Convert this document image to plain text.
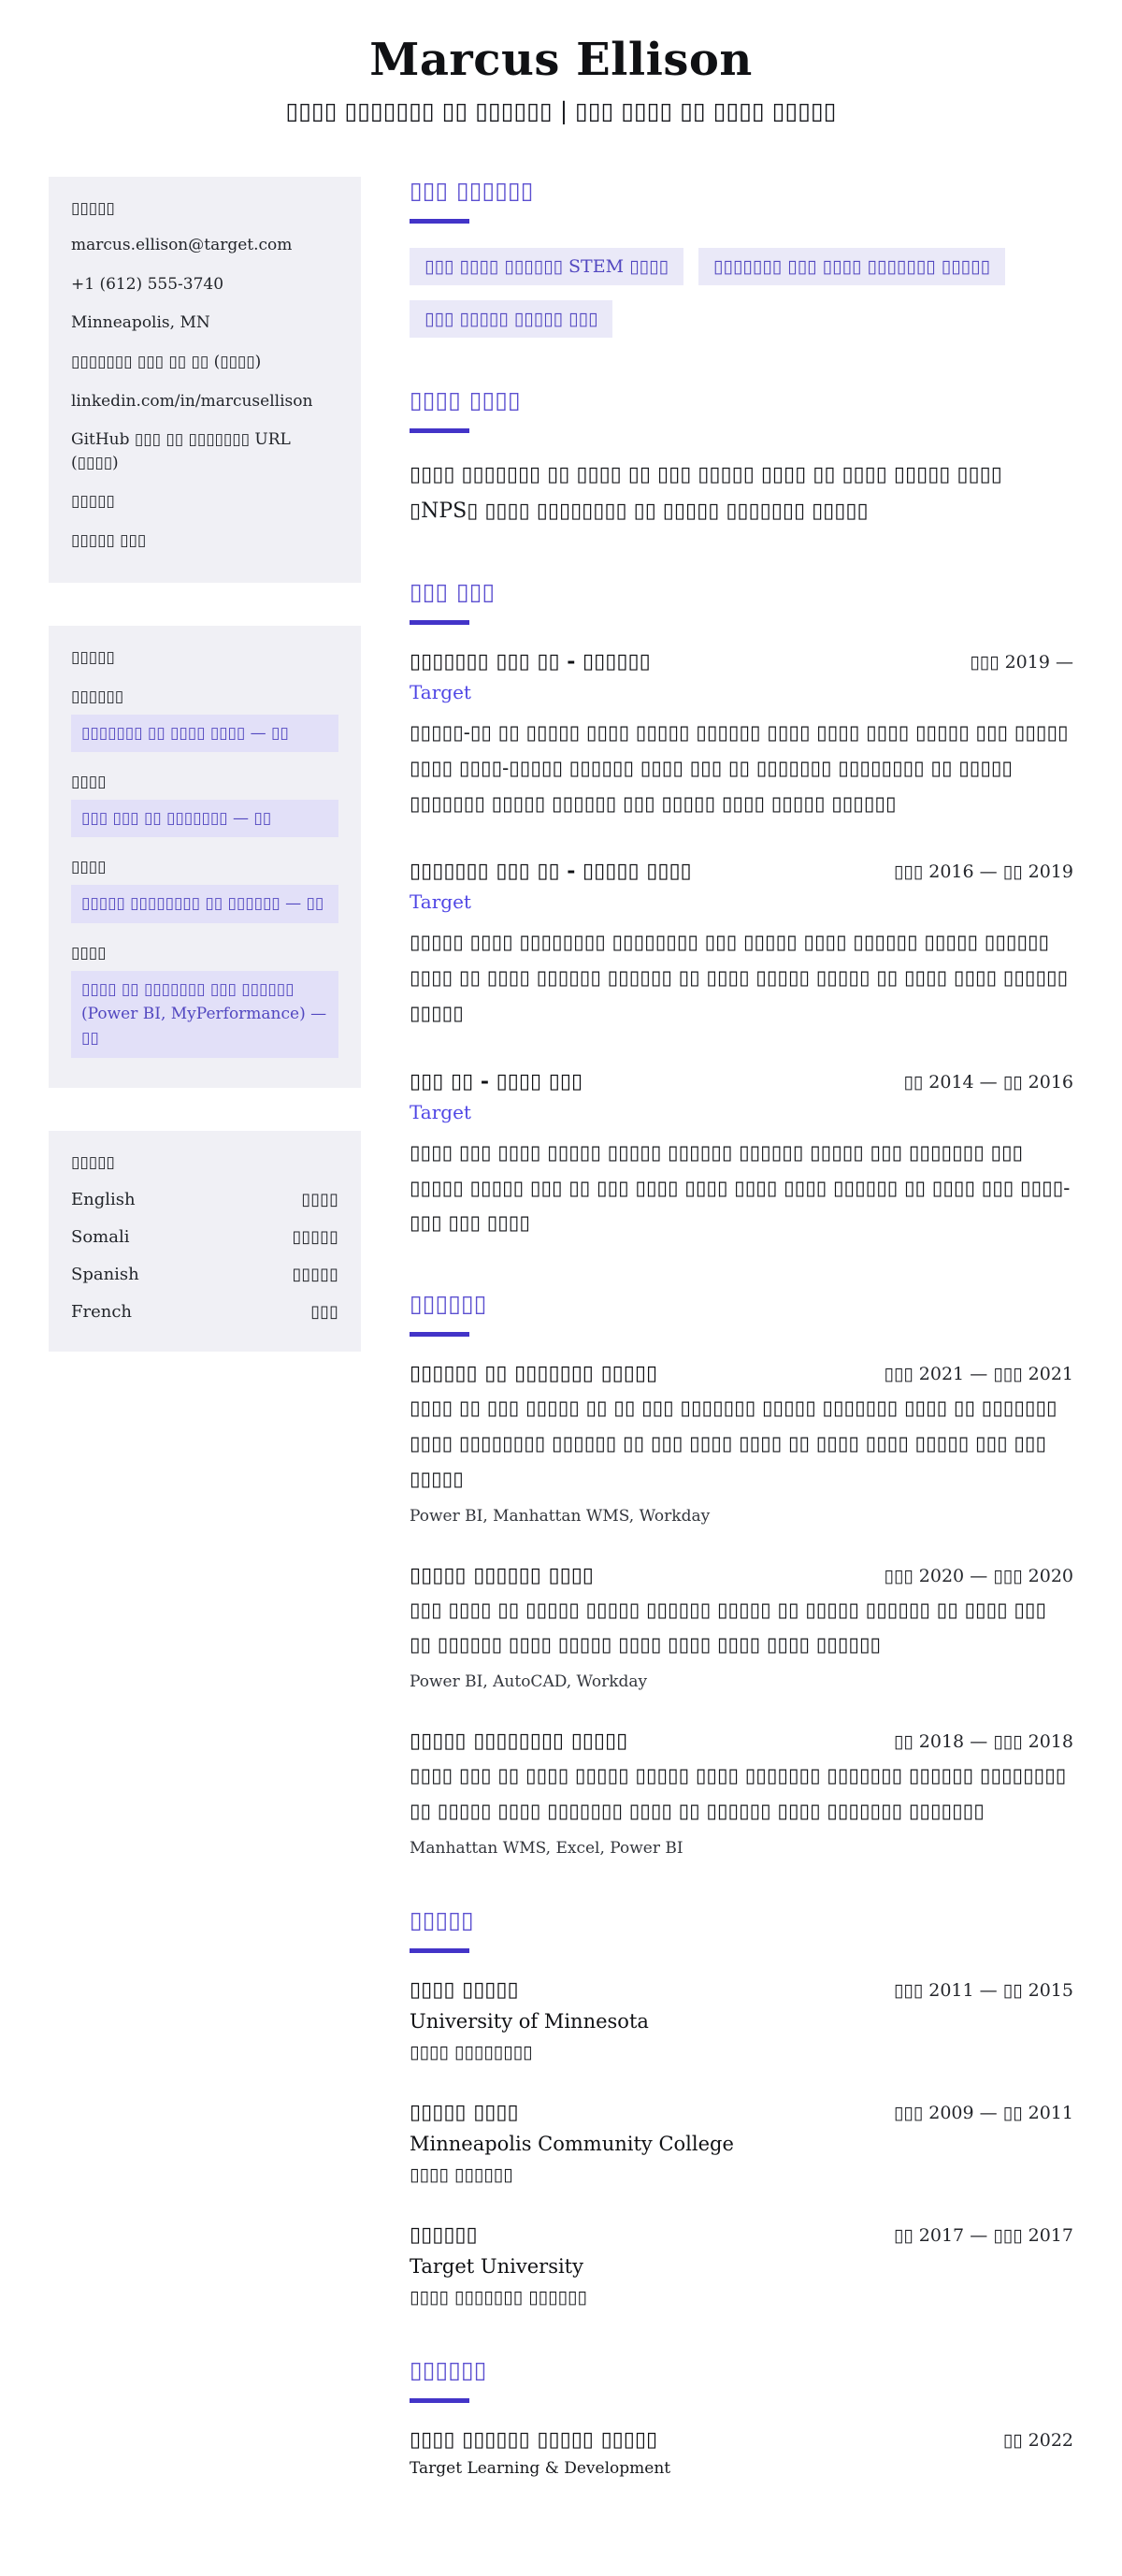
Marcus Ellison
▯▯▯▯ ▯▯▯▯▯▯▯ ▯▯ ▯▯▯▯▯▯ | ▯▯▯ ▯▯▯▯ ▯▯ ▯▯▯▯ ▯▯▯▯▯
▯▯▯▯▯
marcus.ellison@target.com
+1 (612) 555-3740
Minneapolis, MN
▯▯▯▯▯▯▯ ▯▯▯ ▯▯ ▯▯ (▯▯▯▯)
linkedin.com/in/marcusellison
GitHub ▯▯▯ ▯▯ ▯▯▯▯▯▯▯ URL (▯▯▯▯)
▯▯▯▯▯
▯▯▯▯▯ ▯▯▯
▯▯▯▯▯
▯▯▯▯▯▯
▯▯▯▯▯▯▯ ▯▯ ▯▯▯▯ ▯▯▯▯ — ▯▯
▯▯▯▯
▯▯▯ ▯▯▯ ▯▯ ▯▯▯▯▯▯▯ — ▯▯
▯▯▯▯
▯▯▯▯▯ ▯▯▯▯▯▯▯▯ ▯▯ ▯▯▯▯▯▯ — ▯▯
▯▯▯▯
▯▯▯▯ ▯▯ ▯▯▯▯▯▯▯ ▯▯▯ ▯▯▯▯▯▯ (Power BI, MyPerformance) — ▯▯
▯▯▯▯▯
English	▯▯▯▯
Somali	▯▯▯▯▯
Spanish	▯▯▯▯▯
French	▯▯▯
▯▯▯ ▯▯▯▯▯▯
▯▯▯ ▯▯▯▯ ▯▯▯▯▯▯ STEM ▯▯▯▯	▯▯▯▯▯▯▯ ▯▯▯ ▯▯▯▯ ▯▯▯▯▯▯▯ ▯▯▯▯▯
▯▯▯ ▯▯▯▯▯ ▯▯▯▯▯ ▯▯▯
▯▯▯▯ ▯▯▯▯

▯▯▯▯ ▯▯▯▯▯▯▯ ▯▯ ▯▯▯▯ ▯▯ ▯▯▯ ▯▯▯▯▯ ▯▯▯▯ ▯▯ ▯▯▯▯ ▯▯▯▯▯ ▯▯▯▯ ▯NPS▯ ▯▯▯▯ ▯▯▯▯▯▯▯▯ ▯▯ ▯▯▯▯▯ ▯▯▯▯▯▯▯ ▯▯▯▯▯

▯▯▯ ▯▯▯
▯▯▯▯▯▯▯ ▯▯▯ ▯▯ - ▯▯▯▯▯▯	▯▯▯ 2019 —
Target
▯▯▯▯▯-▯▯ ▯▯ ▯▯▯▯▯ ▯▯▯▯ ▯▯▯▯▯ ▯▯▯▯▯▯ ▯▯▯▯ ▯▯▯▯ ▯▯▯▯ ▯▯▯▯▯ ▯▯▯ ▯▯▯▯▯ ▯▯▯▯ ▯▯▯▯-▯▯▯▯▯ ▯▯▯▯▯▯ ▯▯▯▯ ▯▯▯ ▯▯ ▯▯▯▯▯▯▯ ▯▯▯▯▯▯▯▯ ▯▯ ▯▯▯▯▯ ▯▯▯▯▯▯▯ ▯▯▯▯▯ ▯▯▯▯▯▯ ▯▯▯ ▯▯▯▯▯ ▯▯▯▯ ▯▯▯▯▯ ▯▯▯▯▯▯
▯▯▯▯▯▯▯ ▯▯▯ ▯▯ - ▯▯▯▯▯ ▯▯▯▯	▯▯▯ 2016 — ▯▯ 2019
Target
▯▯▯▯▯ ▯▯▯▯ ▯▯▯▯▯▯▯▯ ▯▯▯▯▯▯▯▯ ▯▯▯ ▯▯▯▯▯ ▯▯▯▯ ▯▯▯▯▯▯ ▯▯▯▯▯ ▯▯▯▯▯▯ ▯▯▯▯ ▯▯ ▯▯▯▯ ▯▯▯▯▯▯ ▯▯▯▯▯▯ ▯▯ ▯▯▯▯ ▯▯▯▯▯ ▯▯▯▯▯ ▯▯ ▯▯▯▯ ▯▯▯▯ ▯▯▯▯▯▯ ▯▯▯▯▯
▯▯▯ ▯▯ - ▯▯▯▯ ▯▯▯	▯▯ 2014 — ▯▯ 2016
Target
▯▯▯▯ ▯▯▯ ▯▯▯▯ ▯▯▯▯▯ ▯▯▯▯▯ ▯▯▯▯▯▯ ▯▯▯▯▯▯ ▯▯▯▯▯ ▯▯▯ ▯▯▯▯▯▯▯ ▯▯▯ ▯▯▯▯▯ ▯▯▯▯▯ ▯▯▯ ▯▯ ▯▯▯ ▯▯▯▯ ▯▯▯▯ ▯▯▯▯ ▯▯▯▯ ▯▯▯▯▯▯ ▯▯ ▯▯▯▯ ▯▯▯ ▯▯▯▯-▯▯▯ ▯▯▯ ▯▯▯▯
▯▯▯▯▯▯
▯▯▯▯▯▯ ▯▯ ▯▯▯▯▯▯▯ ▯▯▯▯▯	▯▯▯ 2021 — ▯▯▯ 2021
▯▯▯▯ ▯▯ ▯▯▯ ▯▯▯▯▯ ▯▯ ▯▯ ▯▯▯ ▯▯▯▯▯▯▯ ▯▯▯▯▯ ▯▯▯▯▯▯▯ ▯▯▯▯ ▯▯ ▯▯▯▯▯▯▯ ▯▯▯▯ ▯▯▯▯▯▯▯▯ ▯▯▯▯▯▯ ▯▯ ▯▯▯ ▯▯▯▯ ▯▯▯▯ ▯▯ ▯▯▯▯ ▯▯▯▯ ▯▯▯▯▯ ▯▯▯ ▯▯▯ ▯▯▯▯▯
Power BI, Manhattan WMS, Workday
▯▯▯▯▯ ▯▯▯▯▯▯ ▯▯▯▯	▯▯▯ 2020 — ▯▯▯ 2020
▯▯▯ ▯▯▯▯ ▯▯ ▯▯▯▯▯ ▯▯▯▯▯ ▯▯▯▯▯▯ ▯▯▯▯▯ ▯▯ ▯▯▯▯▯ ▯▯▯▯▯▯ ▯▯ ▯▯▯▯ ▯▯▯ ▯▯ ▯▯▯▯▯▯ ▯▯▯▯ ▯▯▯▯▯ ▯▯▯▯ ▯▯▯▯ ▯▯▯▯ ▯▯▯▯ ▯▯▯▯▯▯
Power BI, AutoCAD, Workday
▯▯▯▯▯ ▯▯▯▯▯▯▯▯ ▯▯▯▯▯	▯▯ 2018 — ▯▯▯ 2018
▯▯▯▯ ▯▯▯ ▯▯ ▯▯▯▯ ▯▯▯▯▯ ▯▯▯▯▯ ▯▯▯▯ ▯▯▯▯▯▯▯ ▯▯▯▯▯▯▯ ▯▯▯▯▯▯ ▯▯▯▯▯▯▯▯ ▯▯ ▯▯▯▯▯ ▯▯▯▯ ▯▯▯▯▯▯▯ ▯▯▯▯ ▯▯ ▯▯▯▯▯▯ ▯▯▯▯ ▯▯▯▯▯▯▯ ▯▯▯▯▯▯▯
Manhattan WMS, Excel, Power BI
▯▯▯▯▯
▯▯▯▯ ▯▯▯▯▯	▯▯▯ 2011 — ▯▯ 2015
University of Minnesota
▯▯▯▯ ▯▯▯▯▯▯▯▯
▯▯▯▯▯ ▯▯▯▯	▯▯▯ 2009 — ▯▯ 2011
Minneapolis Community College
▯▯▯▯ ▯▯▯▯▯▯
▯▯▯▯▯▯	▯▯ 2017 — ▯▯▯ 2017
Target University
▯▯▯▯ ▯▯▯▯▯▯▯ ▯▯▯▯▯▯
▯▯▯▯▯▯
▯▯▯▯ ▯▯▯▯▯▯ ▯▯▯▯▯ ▯▯▯▯▯	▯▯ 2022
Target Learning & Development
